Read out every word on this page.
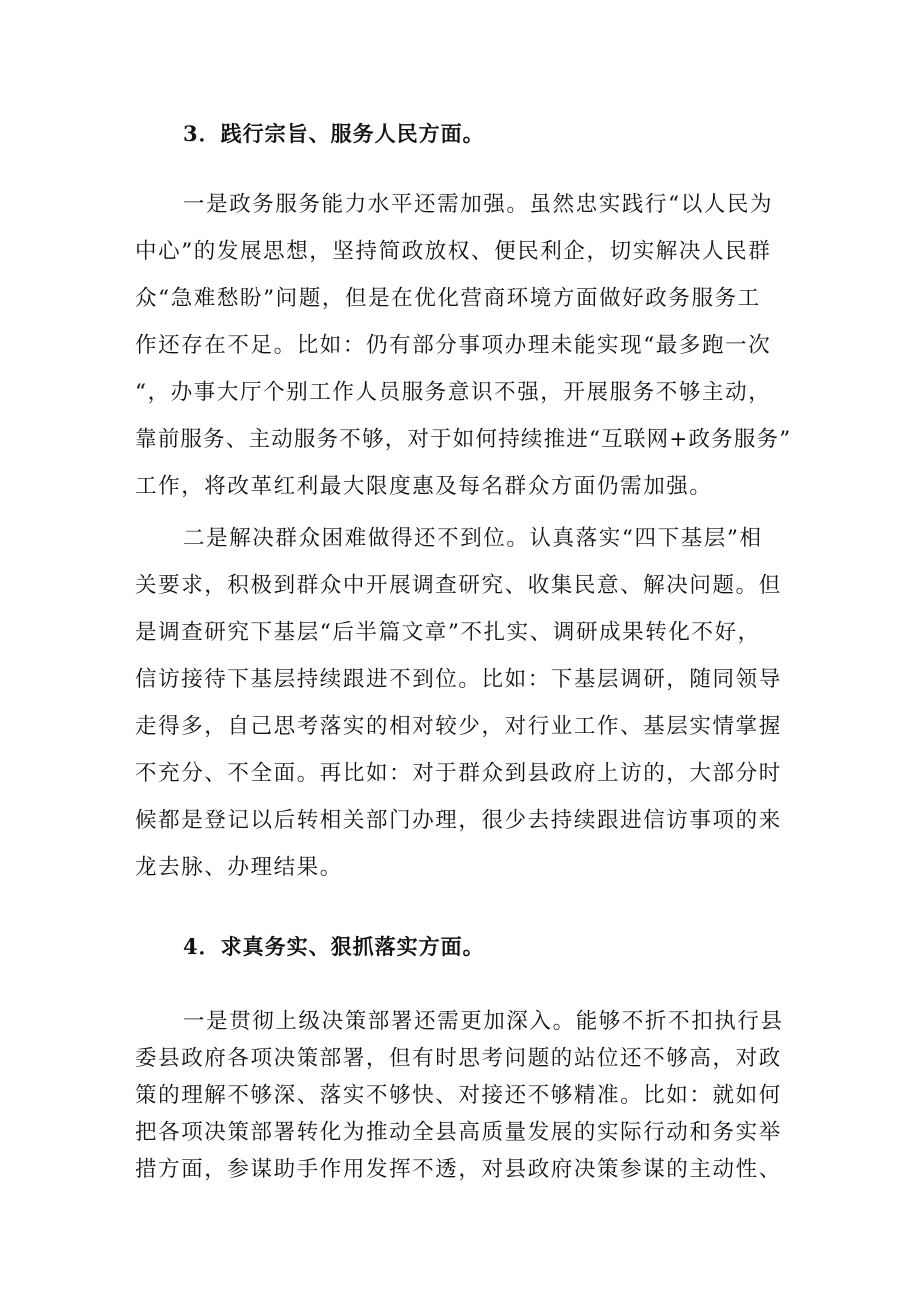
3．践行宗旨、服务人民方面。
一是政务服务能力水平还需加强。虽然忠实践行“以人民为
中心”的发展思想，坚持简政放权、便民利企，切实解决人民群
众“急难愁盼”问题，但是在优化营商环境方面做好政务服务工
作还存在不足。比如：仍有部分事项办理未能实现“最多跑一次
“，办事大厅个别工作人员服务意识不强，开展服务不够主动，
靠前服务、主动服务不够，对于如何持续推进“互联网+政务服务”
工作，将改革红利最大限度惠及每名群众方面仍需加强。
二是解决群众困难做得还不到位。认真落实“四下基层”相
关要求，积极到群众中开展调查研究、收集民意、解决问题。但
是调查研究下基层“后半篇文章”不扎实、调研成果转化不好，
信访接待下基层持续跟进不到位。比如：下基层调研，随同领导
走得多，自己思考落实的相对较少，对行业工作、基层实情掌握
不充分、不全面。再比如：对于群众到县政府上访的，大部分时
候都是登记以后转相关部门办理，很少去持续跟进信访事项的来
龙去脉、办理结果。
4．求真务实、狠抓落实方面。
一是贯彻上级决策部署还需更加深入。能够不折不扣执行县
委县政府各项决策部署，但有时思考问题的站位还不够高，对政
策的理解不够深、落实不够快、对接还不够精准。比如：就如何
把各项决策部署转化为推动全县高质量发展的实际行动和务实举
措方面，参谋助手作用发挥不透，对县政府决策参谋的主动性、
